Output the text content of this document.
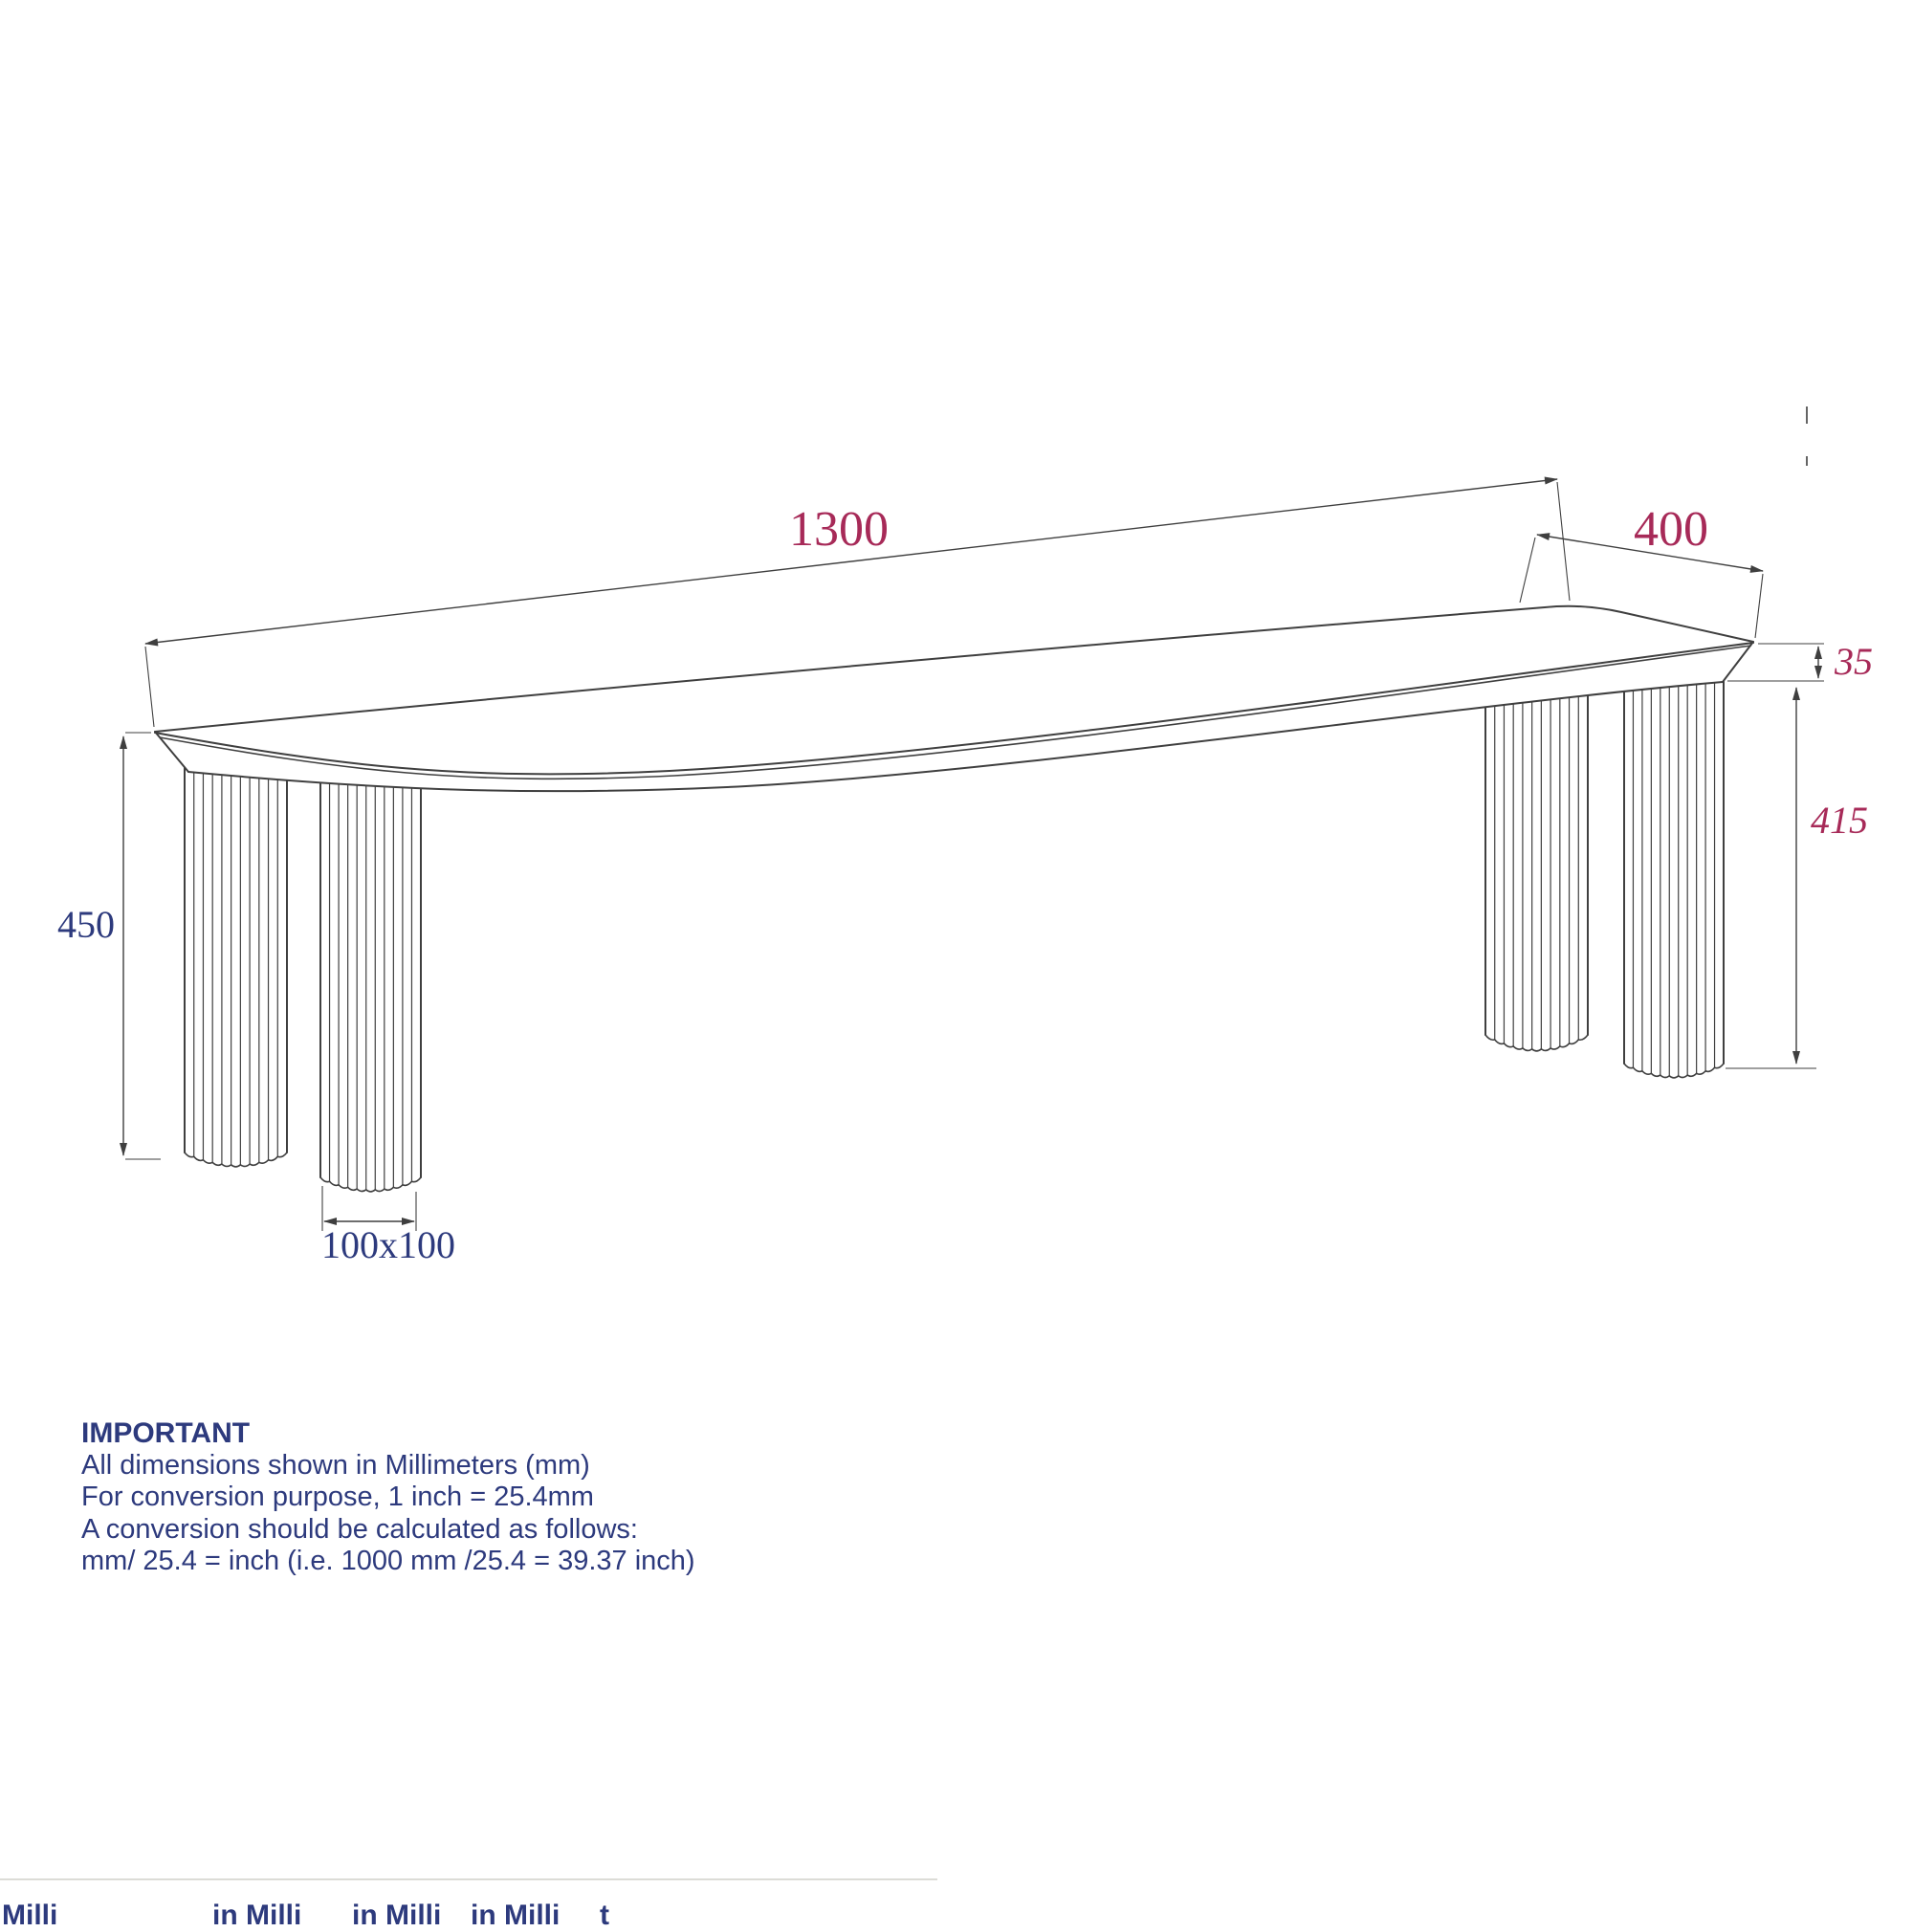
1300	400
35
415
450
100x100
IMPORTANT
All dimensions shown in Millimeters (mm)
For conversion purpose, 1 inch = 25.4mm
A conversion should be calculated as follows:
mm/ 25.4 = inch (i.e. 1000 mm /25.4 = 39.37 inch)
Milli	in Milli	in Milli	in Milli	t
